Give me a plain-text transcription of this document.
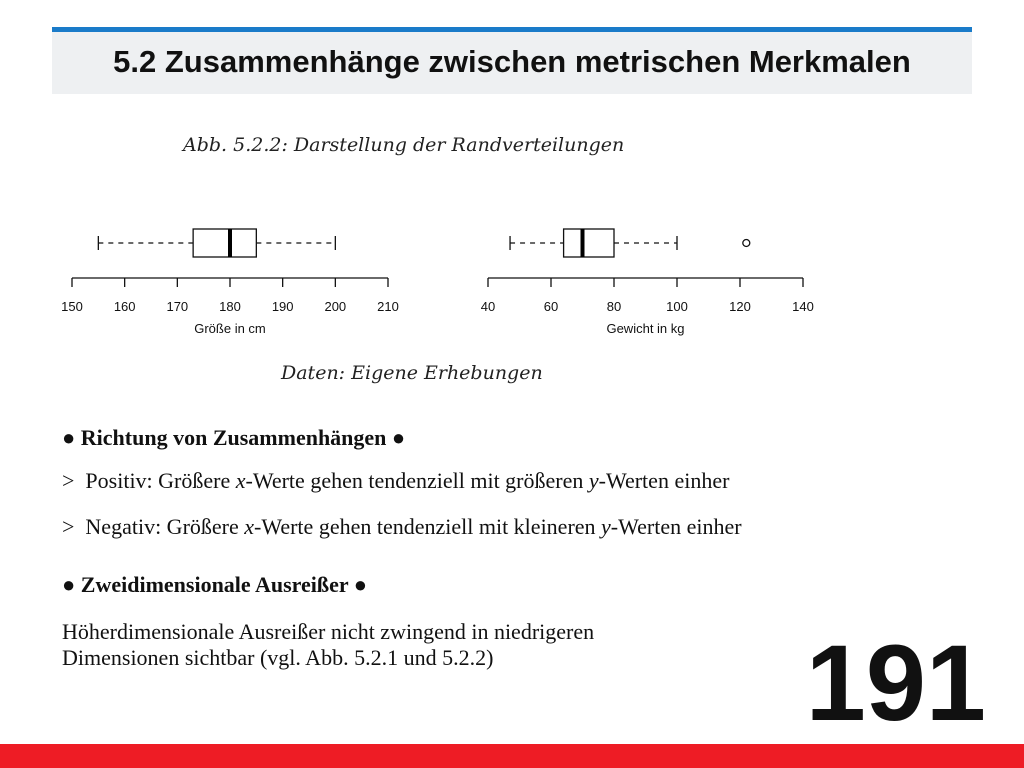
5.2 Zusammenhänge zwischen metrischen Merkmalen
Abb. 5.2.2: Darstellung der Randverteilungen
150 160 170 180 190 200 210
Größe in cm
40	60	80	100	120	140
Gewicht in kg
Daten: Eigene Erhebungen
● Richtung von Zusammenhängen ●
> Positiv: Größere x-Werte gehen tendenziell mit größeren y-Werten einher
> Negativ: Größere x-Werte gehen tendenziell mit kleineren y-Werten einher
● Zweidimensionale Ausreißer ●
Höherdimensionale Ausreißer nicht zwingend in niedrigeren
Dimensionen sichtbar (vgl. Abb. 5.2.1 und 5.2.2)	191
